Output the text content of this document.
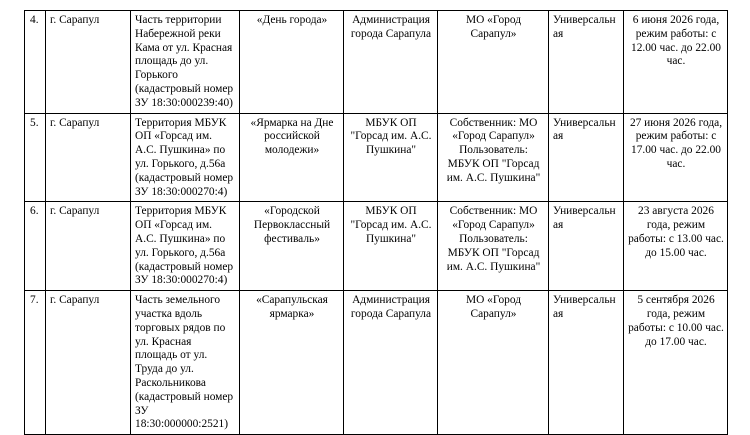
4.	г. Сарапул	Часть территории Набережной реки Кама от ул. Красная площадь до ул. Горького (кадастровый номер ЗУ 18:30:000239:40)	«День города»	Администрация города Сарапула	МО «Город Сарапул»	Универсальная	6 июня 2026 года, режим работы: с 12.00 час. до 22.00 час.
5.	г. Сарапул	Территория МБУК ОП «Горсад им. А.С. Пушкина» по ул. Горького, д.56а (кадастровый номер ЗУ 18:30:000270:4)	«Ярмарка на Дне российской молодежи»	МБУК ОП "Горсад им. А.С. Пушкина"	Собственник: МО «Город Сарапул» Пользователь: МБУК ОП "Горсад им. А.С. Пушкина"	Универсальная	27 июня 2026 года, режим работы: с 17.00 час. до 22.00 час.
6.	г. Сарапул	Территория МБУК ОП «Горсад им. А.С. Пушкина» по ул. Горького, д.56а (кадастровый номер ЗУ 18:30:000270:4)	«Городской Первоклассный фестиваль»	МБУК ОП "Горсад им. А.С. Пушкина"	Собственник: МО «Город Сарапул» Пользователь: МБУК ОП "Горсад им. А.С. Пушкина"	Универсальная	23 августа 2026 года, режим работы: с 13.00 час. до 15.00 час.
7.	г. Сарапул	Часть земельного участка вдоль торговых рядов по ул. Красная площадь от ул. Труда до ул. Раскольникова (кадастровый номер ЗУ 18:30:000000:2521)	«Сарапульская ярмарка»	Администрация города Сарапула	МО «Город Сарапул»	Универсальная	5 сентября 2026 года, режим работы: с 10.00 час. до 17.00 час.
